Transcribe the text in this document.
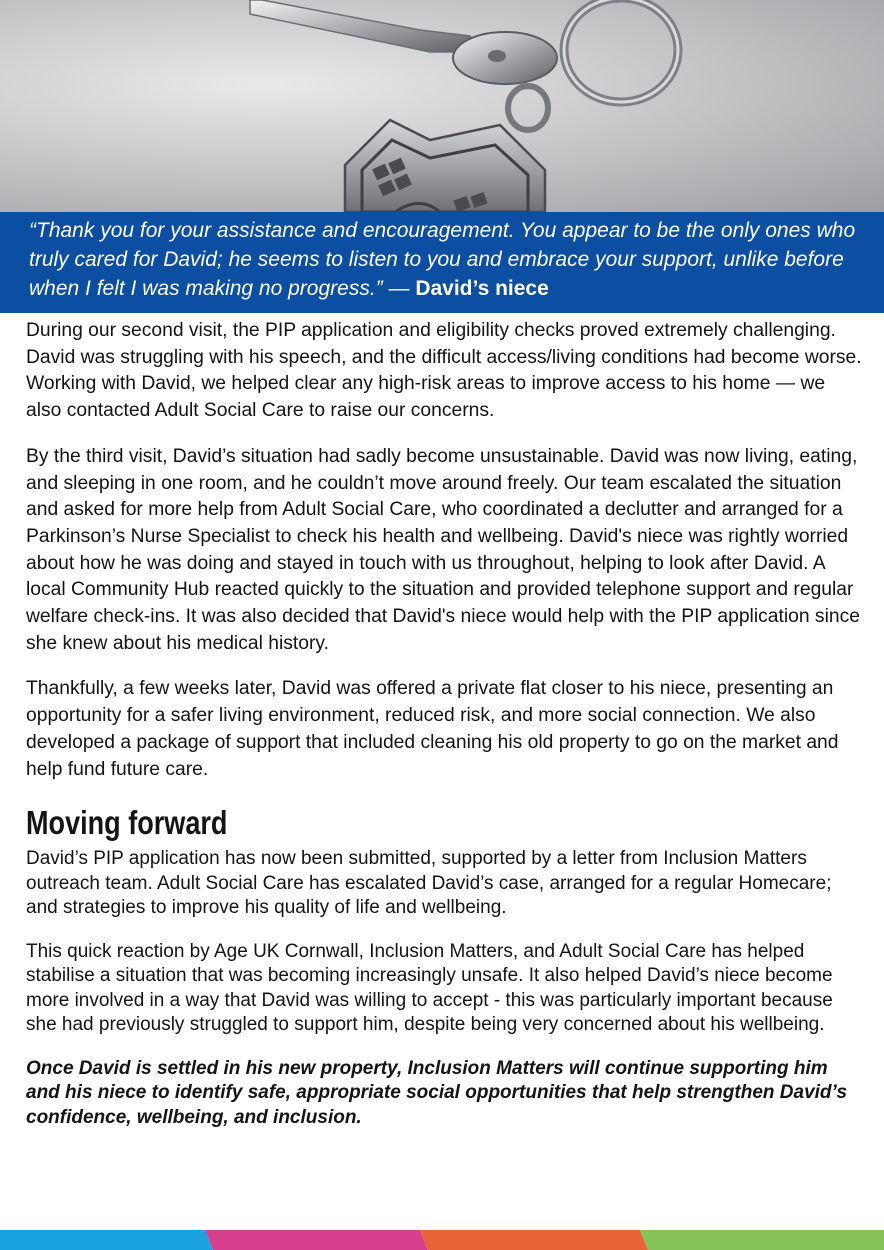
“Thank you for your assistance and encouragement. You appear to be the only ones who truly cared for David; he seems to listen to you and embrace your support, unlike before when I felt I was making no progress.” — David’s niece

During our second visit, the PIP application and eligibility checks proved extremely challenging. David was struggling with his speech, and the difficult access/living conditions had become worse. Working with David, we helped clear any high-risk areas to improve access to his home — we also contacted Adult Social Care to raise our concerns.

By the third visit, David’s situation had sadly become unsustainable. David was now living, eating, and sleeping in one room, and he couldn’t move around freely. Our team escalated the situation and asked for more help from Adult Social Care, who coordinated a declutter and arranged for a Parkinson’s Nurse Specialist to check his health and wellbeing. David's niece was rightly worried about how he was doing and stayed in touch with us throughout, helping to look after David. A local Community Hub reacted quickly to the situation and provided telephone support and regular welfare check-ins. It was also decided that David's niece would help with the PIP application since she knew about his medical history.

Thankfully, a few weeks later, David was offered a private flat closer to his niece, presenting an opportunity for a safer living environment, reduced risk, and more social connection. We also developed a package of support that included cleaning his old property to go on the market and help fund future care.

Moving forward

David’s PIP application has now been submitted, supported by a letter from Inclusion Matters outreach team. Adult Social Care has escalated David’s case, arranged for a regular Homecare; and strategies to improve his quality of life and wellbeing.

This quick reaction by Age UK Cornwall, Inclusion Matters, and Adult Social Care has helped stabilise a situation that was becoming increasingly unsafe. It also helped David’s niece become more involved in a way that David was willing to accept - this was particularly important because she had previously struggled to support him, despite being very concerned about his wellbeing.

Once David is settled in his new property, Inclusion Matters will continue supporting him and his niece to identify safe, appropriate social opportunities that help strengthen David’s confidence, wellbeing, and inclusion.
